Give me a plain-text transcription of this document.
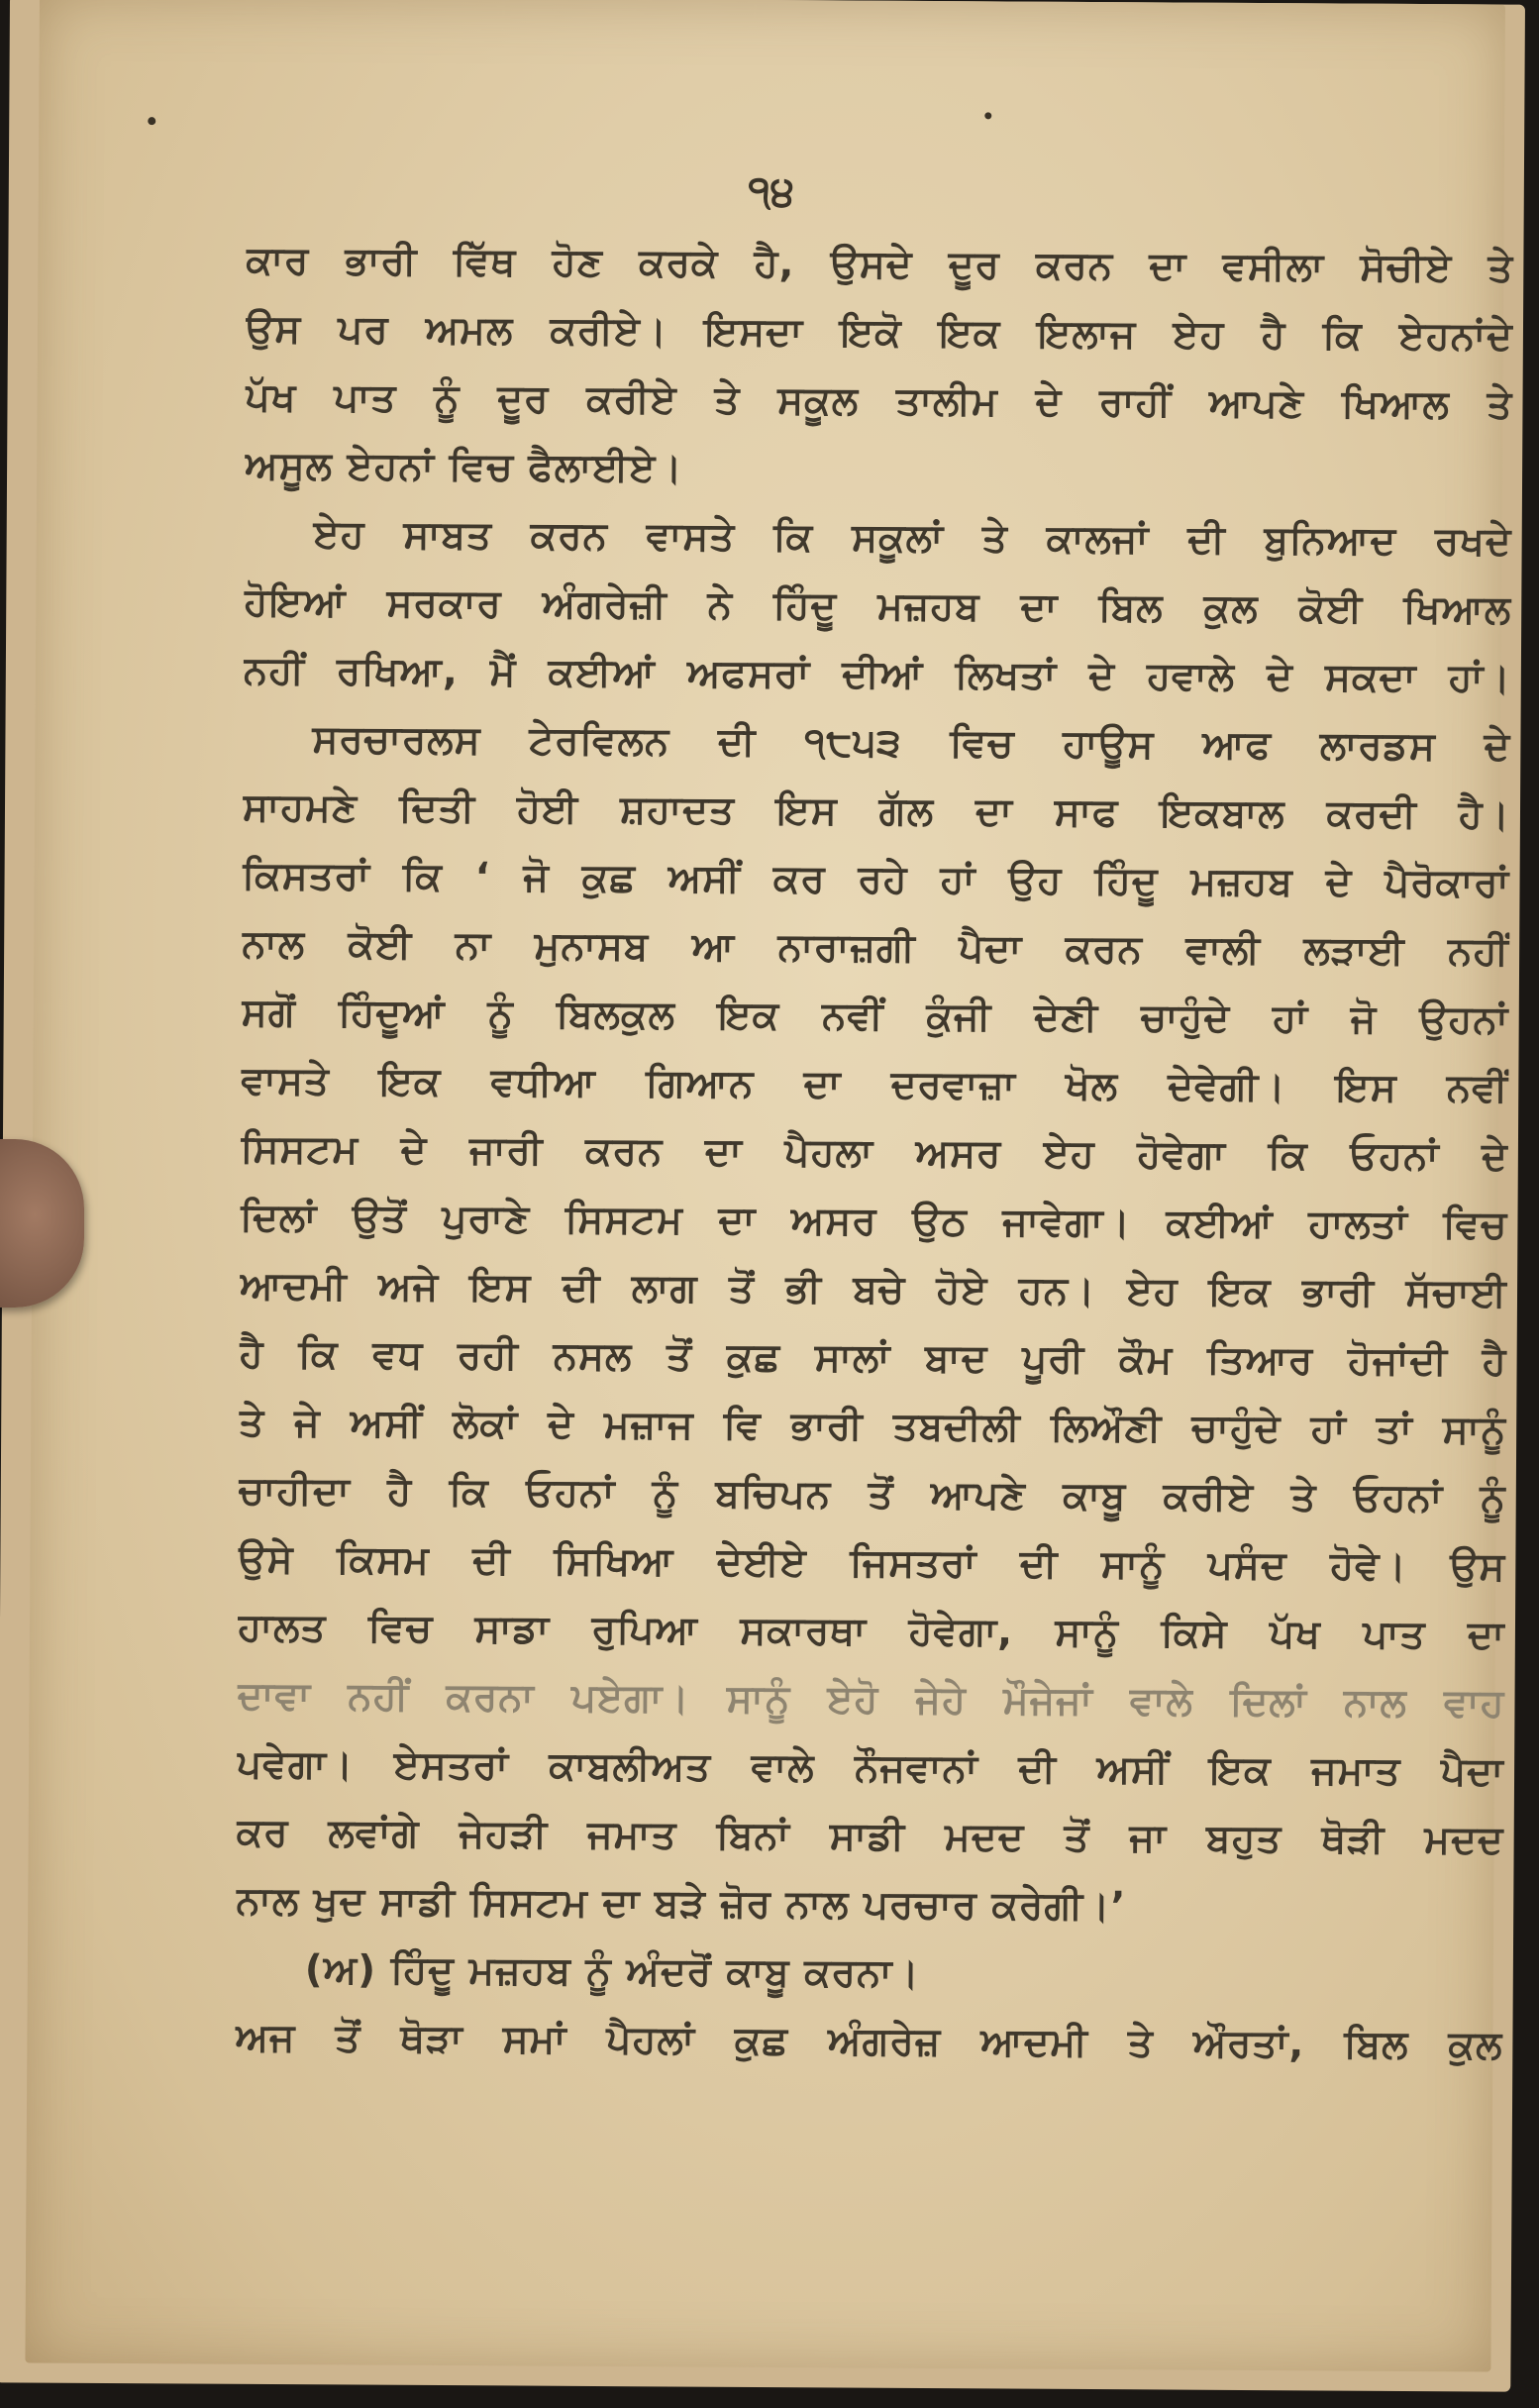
੧੪
ਕਾਰ ਭਾਰੀ ਵਿੱਥ ਹੋਣ ਕਰਕੇ ਹੈ, ਉਸਦੇ ਦੂਰ ਕਰਨ ਦਾ ਵਸੀਲਾ ਸੋਚੀਏ ਤੇ
ਉਸ ਪਰ ਅਮਲ ਕਰੀਏ। ਇਸਦਾ ਇਕੋ ਇਕ ਇਲਾਜ ਏਹ ਹੈ ਕਿ ਏਹਨਾਂਦੇ
ਪੱਖ ਪਾਤ ਨੂੰ ਦੂਰ ਕਰੀਏ ਤੇ ਸਕੂਲ ਤਾਲੀਮ ਦੇ ਰਾਹੀਂ ਆਪਣੇ ਖਿਆਲ ਤੇ
ਅਸੂਲ ਏਹਨਾਂ ਵਿਚ ਫੈਲਾਈਏ।
ਏਹ ਸਾਬਤ ਕਰਨ ਵਾਸਤੇ ਕਿ ਸਕੂਲਾਂ ਤੇ ਕਾਲਜਾਂ ਦੀ ਬੁਨਿਆਦ ਰਖਦੇ
ਹੋਇਆਂ ਸਰਕਾਰ ਅੰਗਰੇਜ਼ੀ ਨੇ ਹਿੰਦੂ ਮਜ਼ਹਬ ਦਾ ਬਿਲ ਕੁਲ ਕੋਈ ਖਿਆਲ
ਨਹੀਂ ਰਖਿਆ, ਮੈਂ ਕਈਆਂ ਅਫਸਰਾਂ ਦੀਆਂ ਲਿਖਤਾਂ ਦੇ ਹਵਾਲੇ ਦੇ ਸਕਦਾ ਹਾਂ।
ਸਰਚਾਰਲਸ ਟੇਰਵਿਲਨ ਦੀ ੧੮੫੩ ਵਿਚ ਹਾਊਸ ਆਫ ਲਾਰਡਸ ਦੇ
ਸਾਹਮਣੇ ਦਿਤੀ ਹੋਈ ਸ਼ਹਾਦਤ ਇਸ ਗੱਲ ਦਾ ਸਾਫ ਇਕਬਾਲ ਕਰਦੀ ਹੈ।
ਕਿਸਤਰਾਂ ਕਿ ‘ ਜੋ ਕੁਛ ਅਸੀਂ ਕਰ ਰਹੇ ਹਾਂ ਉਹ ਹਿੰਦੂ ਮਜ਼ਹਬ ਦੇ ਪੈਰੋਕਾਰਾਂ
ਨਾਲ ਕੋਈ ਨਾ ਮੁਨਾਸਬ ਆ ਨਾਰਾਜ਼ਗੀ ਪੈਦਾ ਕਰਨ ਵਾਲੀ ਲੜਾਈ ਨਹੀਂ
ਸਗੋਂ ਹਿੰਦੂਆਂ ਨੂੰ ਬਿਲਕੁਲ ਇਕ ਨਵੀਂ ਕੁੰਜੀ ਦੇਣੀ ਚਾਹੁੰਦੇ ਹਾਂ ਜੋ ਉਹਨਾਂ
ਵਾਸਤੇ ਇਕ ਵਧੀਆ ਗਿਆਨ ਦਾ ਦਰਵਾਜ਼ਾ ਖੋਲ ਦੇਵੇਗੀ। ਇਸ ਨਵੀਂ
ਸਿਸਟਮ ਦੇ ਜਾਰੀ ਕਰਨ ਦਾ ਪੈਹਲਾ ਅਸਰ ਏਹ ਹੋਵੇਗਾ ਕਿ ਓਹਨਾਂ ਦੇ
ਦਿਲਾਂ ਉਤੋਂ ਪੁਰਾਣੇ ਸਿਸਟਮ ਦਾ ਅਸਰ ਉਠ ਜਾਵੇਗਾ। ਕਈਆਂ ਹਾਲਤਾਂ ਵਿਚ
ਆਦਮੀ ਅਜੇ ਇਸ ਦੀ ਲਾਗ ਤੋਂ ਭੀ ਬਚੇ ਹੋਏ ਹਨ। ਏਹ ਇਕ ਭਾਰੀ ਸੱਚਾਈ
ਹੈ ਕਿ ਵਧ ਰਹੀ ਨਸਲ ਤੋਂ ਕੁਛ ਸਾਲਾਂ ਬਾਦ ਪੂਰੀ ਕੌਮ ਤਿਆਰ ਹੋਜਾਂਦੀ ਹੈ
ਤੇ ਜੇ ਅਸੀਂ ਲੋਕਾਂ ਦੇ ਮਜ਼ਾਜ ਵਿ ਭਾਰੀ ਤਬਦੀਲੀ ਲਿਔਣੀ ਚਾਹੁੰਦੇ ਹਾਂ ਤਾਂ ਸਾਨੂੰ
ਚਾਹੀਦਾ ਹੈ ਕਿ ਓਹਨਾਂ ਨੂੰ ਬਚਿਪਨ ਤੋਂ ਆਪਣੇ ਕਾਬੂ ਕਰੀਏ ਤੇ ਓਹਨਾਂ ਨੂੰ
ਉਸੇ ਕਿਸਮ ਦੀ ਸਿਖਿਆ ਦੇਈਏ ਜਿਸਤਰਾਂ ਦੀ ਸਾਨੂੰ ਪਸੰਦ ਹੋਵੇ। ਉਸ
ਹਾਲਤ ਵਿਚ ਸਾਡਾ ਰੁਪਿਆ ਸਕਾਰਥਾ ਹੋਵੇਗਾ, ਸਾਨੂੰ ਕਿਸੇ ਪੱਖ ਪਾਤ ਦਾ
ਦਾਵਾ ਨਹੀਂ ਕਰਨਾ ਪਏਗਾ। ਸਾਨੂੰ ਏਹੋ ਜੇਹੇ ਮੌਜੇਜਾਂ ਵਾਲੇ ਦਿਲਾਂ ਨਾਲ ਵਾਹ
ਪਵੇਗਾ। ਏਸਤਰਾਂ ਕਾਬਲੀਅਤ ਵਾਲੇ ਨੌਜਵਾਨਾਂ ਦੀ ਅਸੀਂ ਇਕ ਜਮਾਤ ਪੈਦਾ
ਕਰ ਲਵਾਂਗੇ ਜੇਹੜੀ ਜਮਾਤ ਬਿਨਾਂ ਸਾਡੀ ਮਦਦ ਤੋਂ ਜਾ ਬਹੁਤ ਥੋੜੀ ਮਦਦ
ਨਾਲ ਖੁਦ ਸਾਡੀ ਸਿਸਟਮ ਦਾ ਬੜੇ ਜ਼ੋਰ ਨਾਲ ਪਰਚਾਰ ਕਰੇਗੀ।’
(ਅ) ਹਿੰਦੂ ਮਜ਼ਹਬ ਨੂੰ ਅੰਦਰੋਂ ਕਾਬੂ ਕਰਨਾ।
ਅਜ ਤੋਂ ਥੋੜਾ ਸਮਾਂ ਪੈਹਲਾਂ ਕੁਛ ਅੰਗਰੇਜ਼ ਆਦਮੀ ਤੇ ਔਰਤਾਂ, ਬਿਲ ਕੁਲ
